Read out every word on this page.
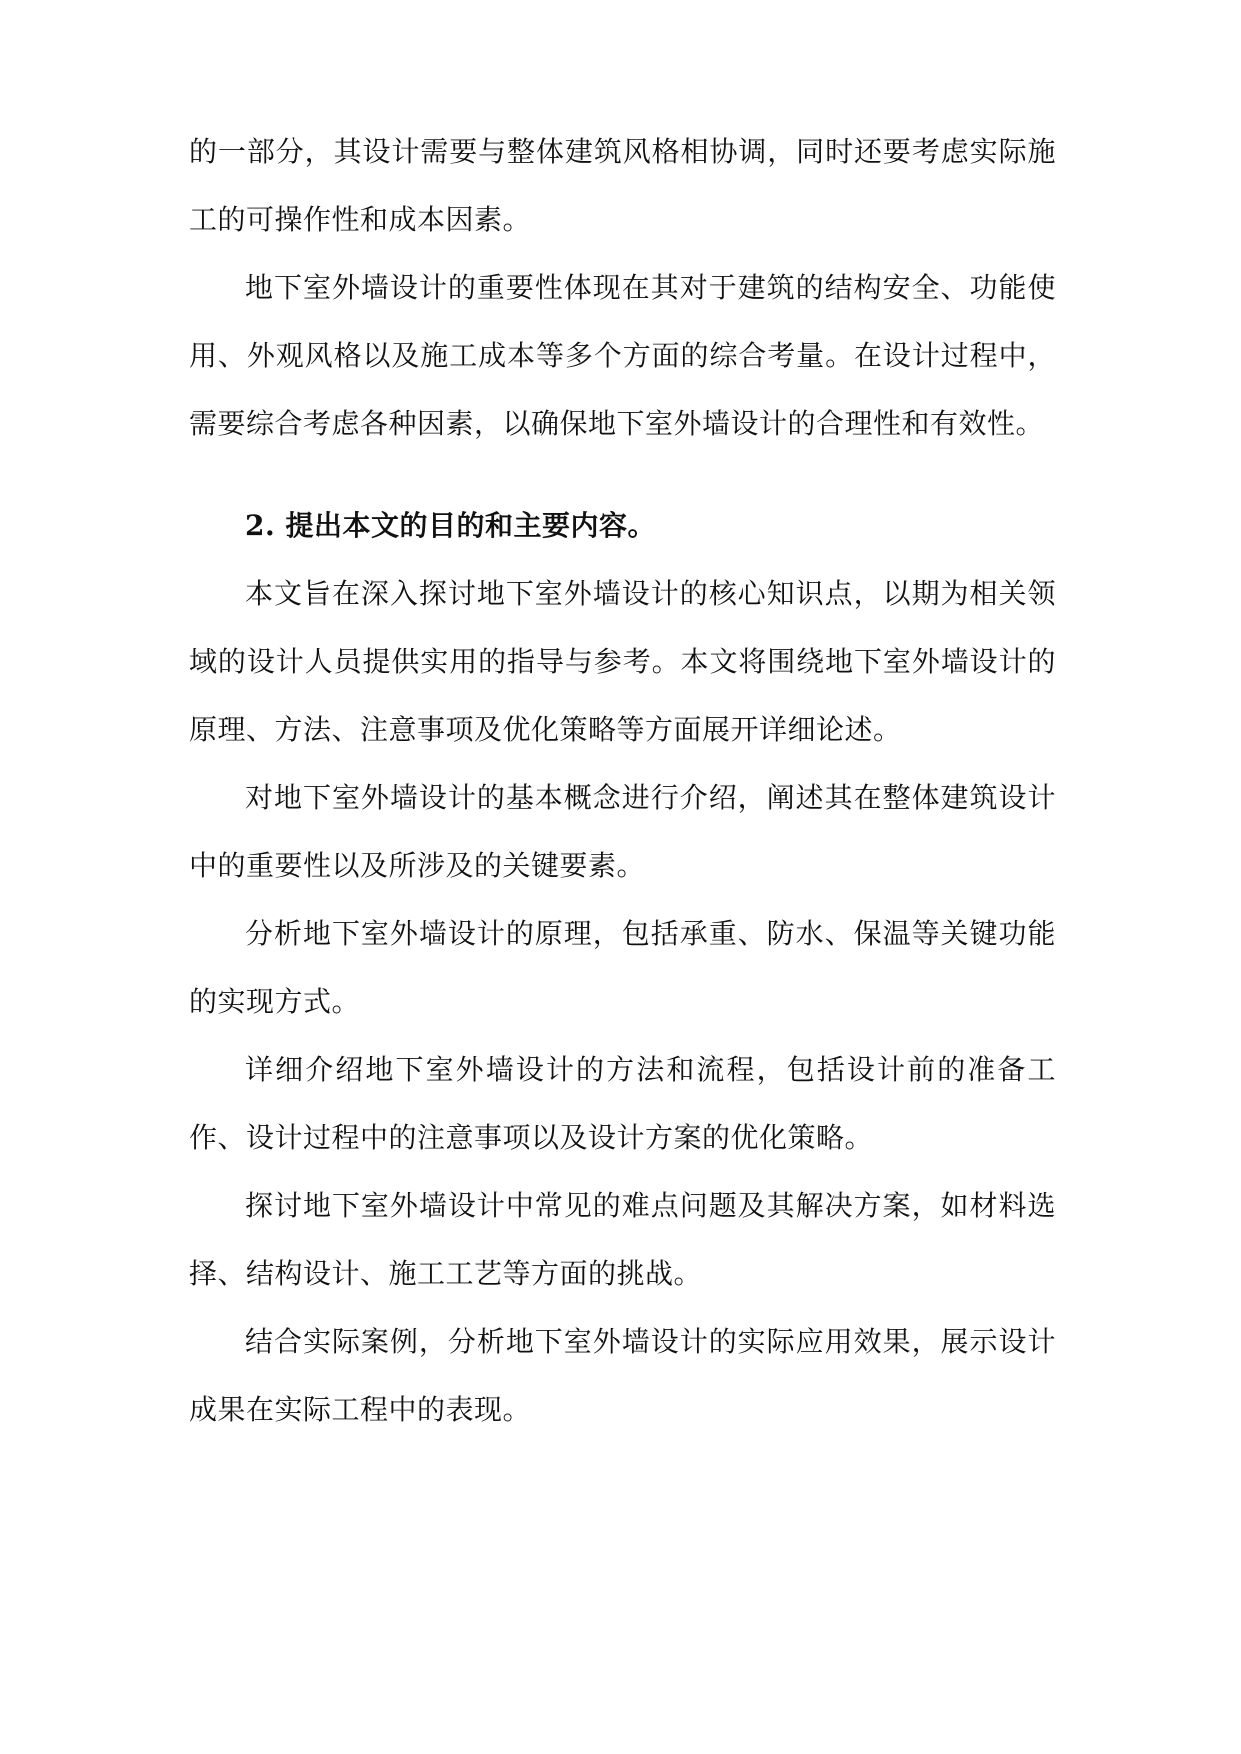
的一部分，其设计需要与整体建筑风格相协调，同时还要考虑实际施工的可操作性和成本因素。

地下室外墙设计的重要性体现在其对于建筑的结构安全、功能使用、外观风格以及施工成本等多个方面的综合考量。在设计过程中，需要综合考虑各种因素，以确保地下室外墙设计的合理性和有效性。

2. 提出本文的目的和主要内容。

本文旨在深入探讨地下室外墙设计的核心知识点，以期为相关领域的设计人员提供实用的指导与参考。本文将围绕地下室外墙设计的原理、方法、注意事项及优化策略等方面展开详细论述。

对地下室外墙设计的基本概念进行介绍，阐述其在整体建筑设计中的重要性以及所涉及的关键要素。

分析地下室外墙设计的原理，包括承重、防水、保温等关键功能的实现方式。

详细介绍地下室外墙设计的方法和流程，包括设计前的准备工作、设计过程中的注意事项以及设计方案的优化策略。

探讨地下室外墙设计中常见的难点问题及其解决方案，如材料选择、结构设计、施工工艺等方面的挑战。

结合实际案例，分析地下室外墙设计的实际应用效果，展示设计成果在实际工程中的表现。
